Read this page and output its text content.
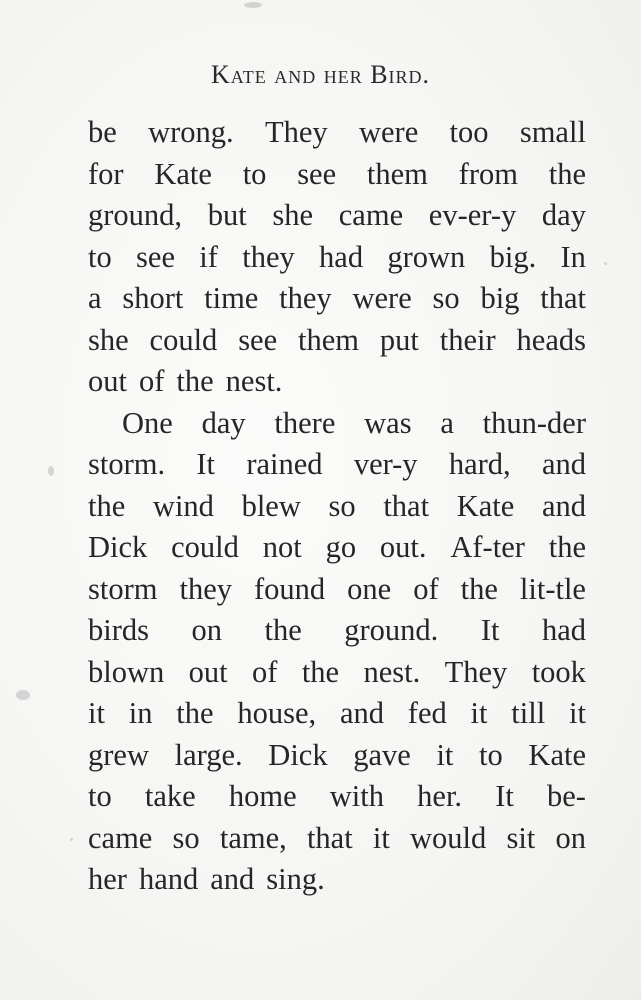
Kate and her Bird.
be wrong. They were too small
for Kate to see them from the
ground, but she came ev-er-y day
to see if they had grown big. In
a short time they were so big that
she could see them put their heads
out of the nest.
One day there was a thun-der
storm. It rained ver-y hard, and
the wind blew so that Kate and
Dick could not go out. Af-ter the
storm they found one of the lit-tle
birds on the ground. It had
blown out of the nest. They took
it in the house, and fed it till it
grew large. Dick gave it to Kate
to take home with her. It be-
came so tame, that it would sit on
her hand and sing.
